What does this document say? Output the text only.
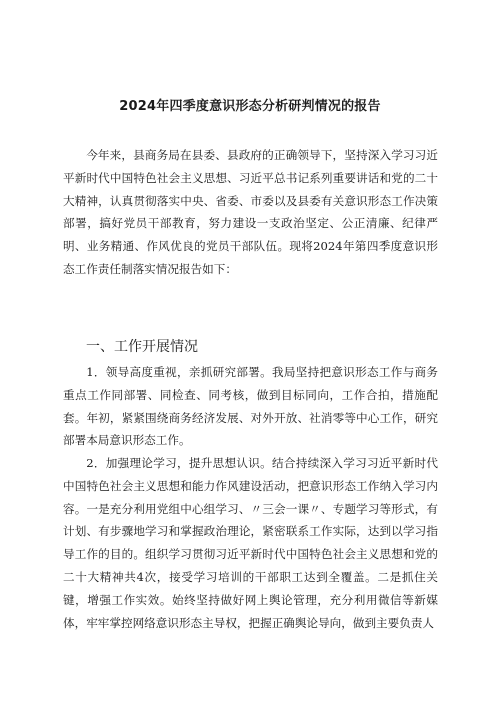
2024年四季度意识形态分析研判情况的报告

今年来，县商务局在县委、县政府的正确领导下，坚持深入学习习近平新时代中国特色社会主义思想、习近平总书记系列重要讲话和党的二十大精神，认真贯彻落实中央、省委、市委以及县委有关意识形态工作决策部署，搞好党员干部教育，努力建设一支政治坚定、公正清廉、纪律严明、业务精通、作风优良的党员干部队伍。现将2024年第四季度意识形态工作责任制落实情况报告如下：

一、工作开展情况

1．领导高度重视，亲抓研究部署。我局坚持把意识形态工作与商务重点工作同部署、同检查、同考核，做到目标同向，工作合拍，措施配套。年初，紧紧围绕商务经济发展、对外开放、社消零等中心工作，研究部署本局意识形态工作。

2．加强理论学习，提升思想认识。结合持续深入学习习近平新时代中国特色社会主义思想和能力作风建设活动，把意识形态工作纳入学习内容。一是充分利用党组中心组学习、〃三会一课〃、专题学习等形式，有计划、有步骤地学习和掌握政治理论，紧密联系工作实际，达到以学习指导工作的目的。组织学习贯彻习近平新时代中国特色社会主义思想和党的二十大精神共4次，接受学习培训的干部职工达到全覆盖。二是抓住关键，增强工作实效。始终坚持做好网上舆论管理，充分利用微信等新媒体，牢牢掌控网络意识形态主导权，把握正确舆论导向，做到主要负责人
